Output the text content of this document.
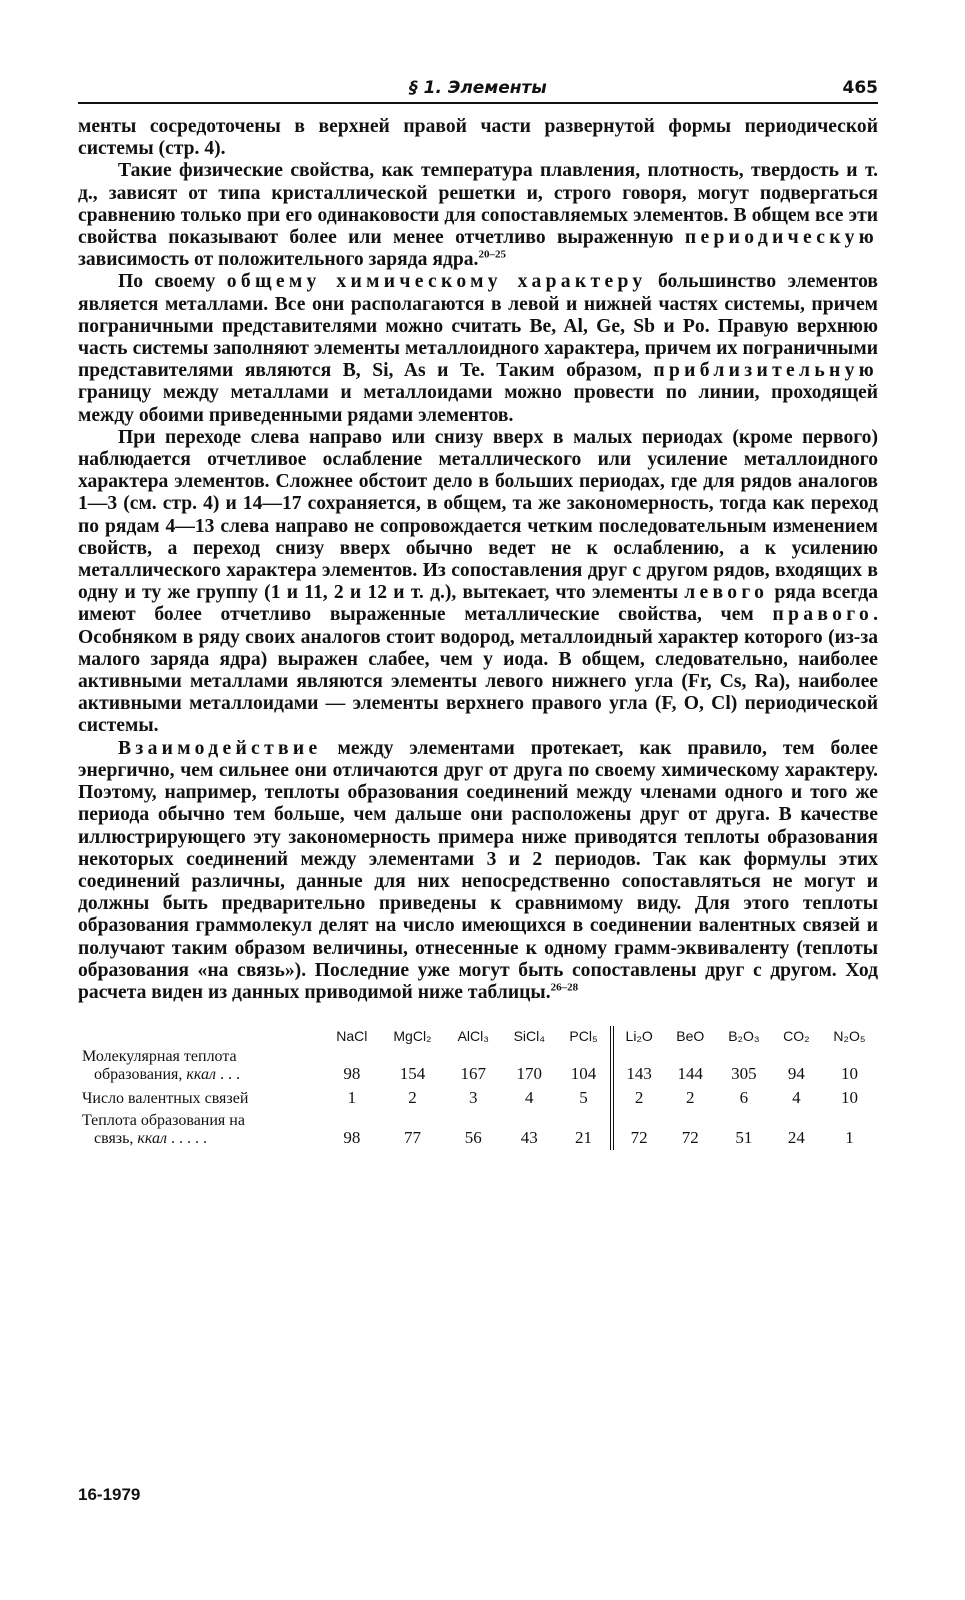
§ 1. Элементы	465

менты сосредоточены в верхней правой части развернутой формы периодической системы (стр. 4).

Такие физические свойства, как температура плавления, плотность, твердость и т. д., зависят от типа кристаллической решетки и, строго говоря, могут подвергаться сравнению только при его одинаковости для сопоставляемых элементов. В общем все эти свойства показывают более или менее отчетливо выраженную периодическую зависимость от положительного заряда ядра.$^{20-25}$

По своему общему химическому характеру большинство элементов является металлами. Все они располагаются в левой и нижней частях системы, причем пограничными представителями можно считать Be, Al, Ge, Sb и Po. Правую верхнюю часть системы заполняют элементы металлоидного характера, причем их пограничными представителями являются B, Si, As и Te. Таким образом, приблизительную границу между металлами и металлоидами можно провести по линии, проходящей между обоими приведенными рядами элементов.

При переходе слева направо или снизу вверх в малых периодах (кроме первого) наблюдается отчетливое ослабление металлического или усиление металлоидного характера элементов. Сложнее обстоит дело в больших периодах, где для рядов аналогов 1—3 (см. стр. 4) и 14—17 сохраняется, в общем, та же закономерность, тогда как переход по рядам 4—13 слева направо не сопровождается четким последовательным изменением свойств, а переход снизу вверх обычно ведет не к ослаблению, а к усилению металлического характера элементов. Из сопоставления друг с другом рядов, входящих в одну и ту же группу (1 и 11, 2 и 12 и т. д.), вытекает, что элементы левого ряда всегда имеют более отчетливо выраженные металлические свойства, чем правого. Особняком в ряду своих аналогов стоит водород, металлоидный характер которого (из-за малого заряда ядра) выражен слабее, чем у иода. В общем, следовательно, наиболее активными металлами являются элементы левого нижнего угла (Fr, Cs, Ra), наиболее активными металлоидами — элементы верхнего правого угла (F, O, Cl) периодической системы.

Взаимодействие между элементами протекает, как правило, тем более энергично, чем сильнее они отличаются друг от друга по своему химическому характеру. Поэтому, например, теплоты образования соединений между членами одного и того же периода обычно тем больше, чем дальше они расположены друг от друга. В качестве иллюстрирующего эту закономерность примера ниже приводятся теплоты образования некоторых соединений между элементами 3 и 2 периодов. Так как формулы этих соединений различны, данные для них непосредственно сопоставляться не могут и должны быть предварительно приведены к сравнимому виду. Для этого теплоты образования граммолекул делят на число имеющихся в соединении валентных связей и получают таким образом величины, отнесенные к одному грамм-эквиваленту (теплоты образования «на связь»). Последние уже могут быть сопоставлены друг с другом. Ход расчета виден из данных приводимой ниже таблицы.$^{26-28}$

	NaCl	MgCl₂	AlCl₃	SiCl₄	PCl₅	Li₂O	BeO	B₂O₃	CO₂	N₂O₅
Молекулярная теплота
образования, ккал . . .	98	154	167	170	104	143	144	305	94	10
Число валентных связей	1	2	3	4	5	2	2	6	4	10
Теплота образования на
связь, ккал . . . . .	98	77	56	43	21	72	72	51	24	1
16-1979
